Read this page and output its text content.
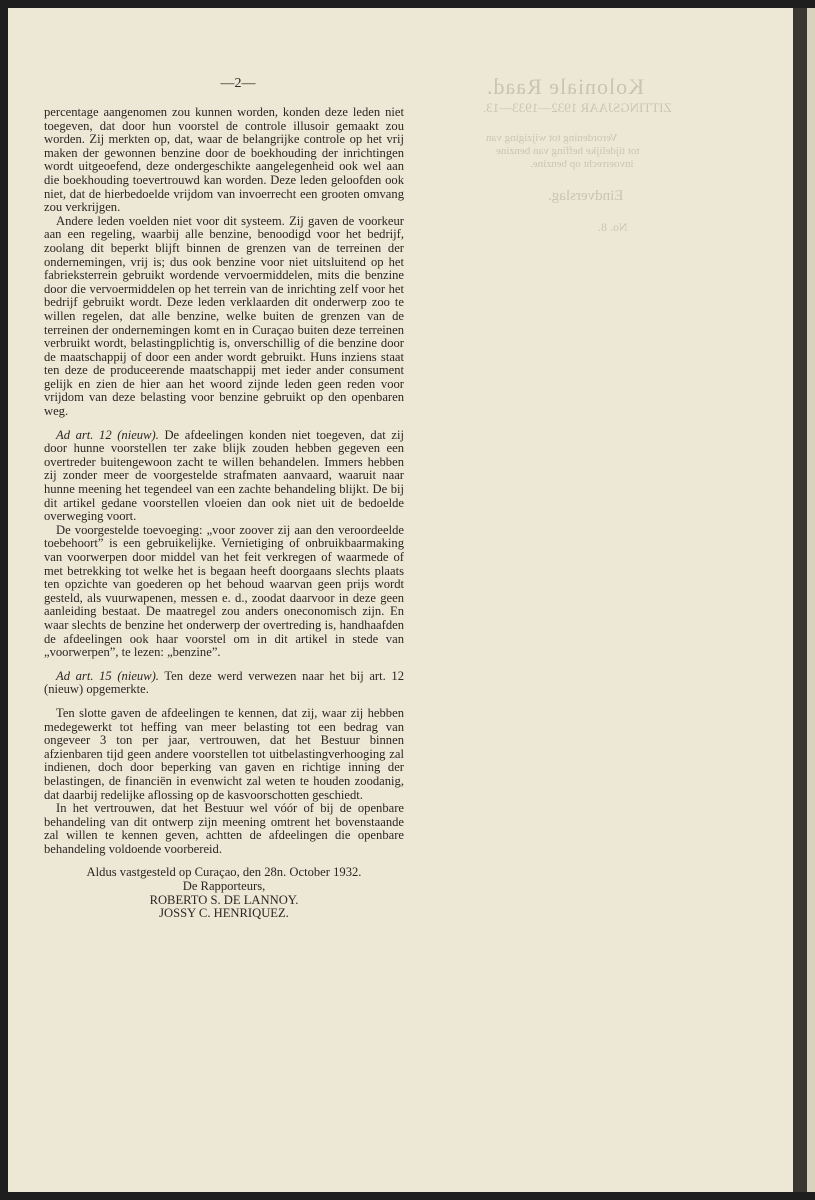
—2—	Koloniale Raad.
ZITTINGSJAAR 1932—1933—13.
Verordening tot wijziging van
tot tijdelijke heffing van benzine
invoerrecht op benzine.
Eindverslag.
No. 8.

percentage aangenomen zou kunnen worden, konden deze leden niet toegeven, dat door hun voorstel de controle illusoir gemaakt zou worden. Zij merkten op, dat, waar de belangrijke controle op het vrij maken der gewonnen benzine door de boekhouding der inrichtingen wordt uitgeoefend, deze ondergeschikte aangelegenheid ook wel aan die boekhouding toevertrouwd kan worden. Deze leden geloofden ook niet, dat de hierbedoelde vrijdom van invoerrecht een grooten omvang zou verkrijgen.

Andere leden voelden niet voor dit systeem. Zij gaven de voorkeur aan een regeling, waarbij alle benzine, benoodigd voor het bedrijf, zoolang dit beperkt blijft binnen de grenzen van de terreinen der ondernemingen, vrij is; dus ook benzine voor niet uitsluitend op het fabrieksterrein gebruikt wordende vervoermiddelen, mits die benzine door die vervoermiddelen op het terrein van de inrichting zelf voor het bedrijf gebruikt wordt. Deze leden verklaarden dit onderwerp zoo te willen regelen, dat alle benzine, welke buiten de grenzen van de terreinen der ondernemingen komt en in Curaçao buiten deze terreinen verbruikt wordt, belastingplichtig is, onverschillig of die benzine door de maatschappij of door een ander wordt gebruikt. Huns inziens staat ten deze de produceerende maatschappij met ieder ander consument gelijk en zien de hier aan het woord zijnde leden geen reden voor vrijdom van deze belasting voor benzine gebruikt op den openbaren weg.

Ad art. 12 (nieuw). De afdeelingen konden niet toegeven, dat zij door hunne voorstellen ter zake blijk zouden hebben gegeven een overtreder buitengewoon zacht te willen behandelen. Immers hebben zij zonder meer de voorgestelde strafmaten aanvaard, waaruit naar hunne meening het tegendeel van een zachte behandeling blijkt. De bij dit artikel gedane voorstellen vloeien dan ook niet uit de bedoelde overweging voort.

De voorgestelde toevoeging: „voor zoover zij aan den veroordeelde toebehoort” is een gebruikelijke. Vernietiging of onbruikbaarmaking van voorwerpen door middel van het feit verkregen of waarmede of met betrekking tot welke het is begaan heeft doorgaans slechts plaats ten opzichte van goederen op het behoud waarvan geen prijs wordt gesteld, als vuurwapenen, messen e. d., zoodat daarvoor in deze geen aanleiding bestaat. De maatregel zou anders oneconomisch zijn. En waar slechts de benzine het onderwerp der overtreding is, handhaafden de afdeelingen ook haar voorstel om in dit artikel in stede van „voorwerpen”, te lezen: „benzine”.

Ad art. 15 (nieuw). Ten deze werd verwezen naar het bij art. 12 (nieuw) opgemerkte.

Ten slotte gaven de afdeelingen te kennen, dat zij, waar zij hebben medegewerkt tot heffing van meer belasting tot een bedrag van ongeveer 3 ton per jaar, vertrouwen, dat het Bestuur binnen afzienbaren tijd geen andere voorstellen tot uitbelastingverhooging zal indienen, doch door beperking van gaven en richtige inning der belastingen, de financiën in evenwicht zal weten te houden zoodanig, dat daarbij redelijke aflossing op de kasvoorschotten geschiedt.

In het vertrouwen, dat het Bestuur wel vóór of bij de openbare behandeling van dit ontwerp zijn meening omtrent het bovenstaande zal willen te kennen geven, achtten de afdeelingen die openbare behandeling voldoende voorbereid.

Aldus vastgesteld op Curaçao, den 28n. October 1932.

De Rapporteurs,

ROBERTO S. DE LANNOY.

JOSSY C. HENRIQUEZ.
